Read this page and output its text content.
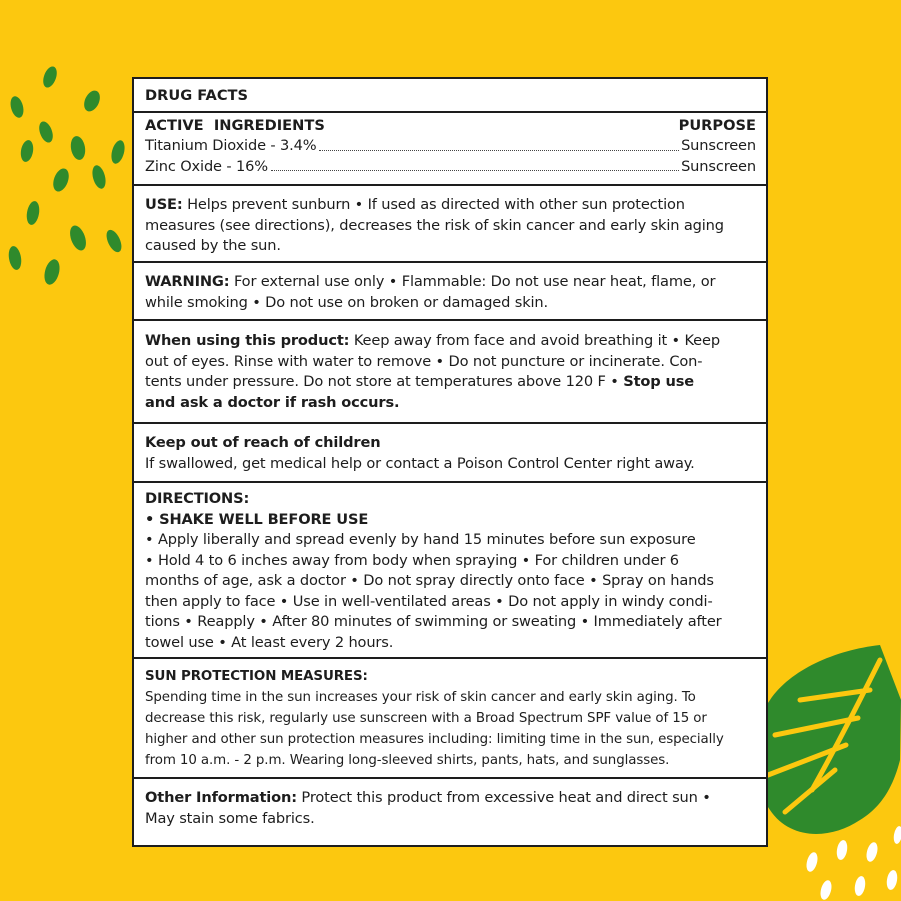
DRUG FACTS
ACTIVE  INGREDIENTS	PURPOSE
Titanium Dioxide - 3.4%	Sunscreen
Zinc Oxide - 16%	Sunscreen
USE: Helps prevent sunburn • If used as directed with other sun protection
measures (see directions), decreases the risk of skin cancer and early skin aging
caused by the sun.
WARNING: For external use only • Flammable: Do not use near heat, flame, or
while smoking • Do not use on broken or damaged skin.
When using this product: Keep away from face and avoid breathing it • Keep
out of eyes. Rinse with water to remove • Do not puncture or incinerate. Con-
tents under pressure. Do not store at temperatures above 120 F • Stop use
and ask a doctor if rash occurs.
Keep out of reach of children
If swallowed, get medical help or contact a Poison Control Center right away.
DIRECTIONS:
• SHAKE WELL BEFORE USE
• Apply liberally and spread evenly by hand 15 minutes before sun exposure
• Hold 4 to 6 inches away from body when spraying • For children under 6
months of age, ask a doctor • Do not spray directly onto face • Spray on hands
then apply to face • Use in well-ventilated areas • Do not apply in windy condi-
tions • Reapply • After 80 minutes of swimming or sweating • Immediately after
towel use • At least every 2 hours.
SUN PROTECTION MEASURES:
Spending time in the sun increases your risk of skin cancer and early skin aging. To
decrease this risk, regularly use sunscreen with a Broad Spectrum SPF value of 15 or
higher and other sun protection measures including: limiting time in the sun, especially
from 10 a.m. - 2 p.m. Wearing long-sleeved shirts, pants, hats, and sunglasses.
Other Information: Protect this product from excessive heat and direct sun •
May stain some fabrics.
